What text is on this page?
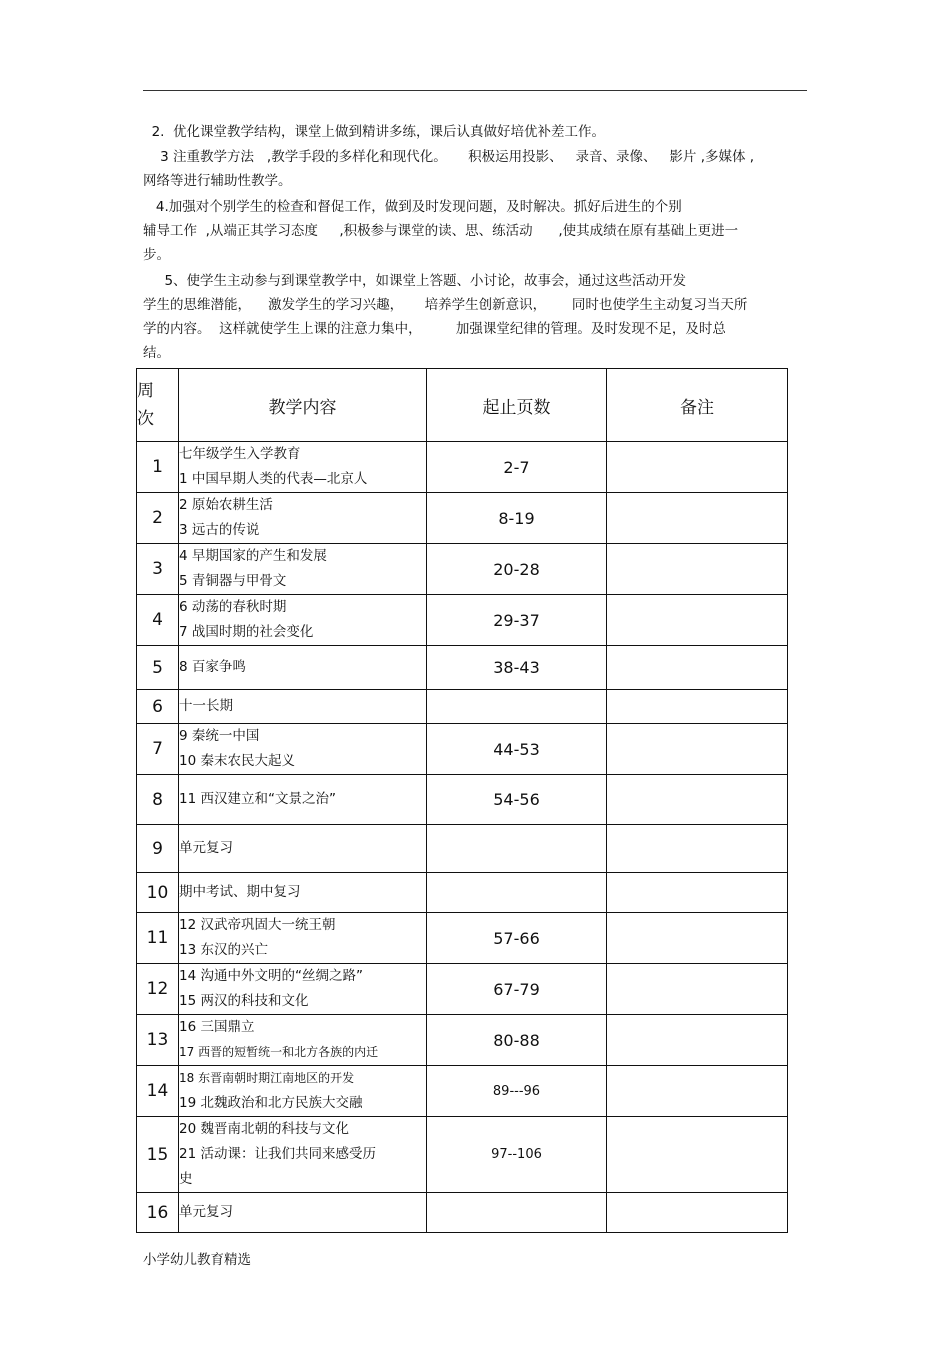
2.  优化课堂教学结构，课堂上做到精讲多练，课后认真做好培优补差工作。
3 注重教学方法   ,教学手段的多样化和现代化。     积极运用投影、   录音、录像、   影片 ,多媒体 ,
网络等进行辅助性教学。
4.加强对个别学生的检查和督促工作，做到及时发现问题，及时解决。抓好后进生的个别
辅导工作  ,从端正其学习态度     ,积极参与课堂的读、思、练活动      ,使其成绩在原有基础上更进一
步。
5、使学生主动参与到课堂教学中，如课堂上答题、小讨论，故事会，通过这些活动开发
学生的思维潜能，    激发学生的学习兴趣，     培养学生创新意识，      同时也使学生主动复习当天所
学的内容。  这样就使学生上课的注意力集中，        加强课堂纪律的管理。及时发现不足，及时总
结。
周
次	教学内容	起止页数	备注
1	七年级学生入学教育
1 中国早期人类的代表—北京人	2-7	
2	2 原始农耕生活
3 远古的传说	8-19	
3	4 早期国家的产生和发展
5 青铜器与甲骨文	20-28	
4	6 动荡的春秋时期
7 战国时期的社会变化	29-37	
5	8 百家争鸣	38-43	
6	十一长期		

7	9 秦统一中国
10 秦末农民大起义	44-53	
8	11 西汉建立和“文景之治”	54-56	
9	单元复习		

10	期中考试、期中复习		

11	12 汉武帝巩固大一统王朝
13 东汉的兴亡	57-66	
12	14 沟通中外文明的“丝绸之路”
15 两汉的科技和文化	67-79	
13	16 三国鼎立
17 西晋的短暂统一和北方各族的内迁	80-88	
14	18 东晋南朝时期江南地区的开发
19 北魏政治和北方民族大交融	89---96	
15	20 魏晋南北朝的科技与文化
21 活动课：让我们共同来感受历
史	97--106	
16	单元复习		

小学幼儿教育精选
